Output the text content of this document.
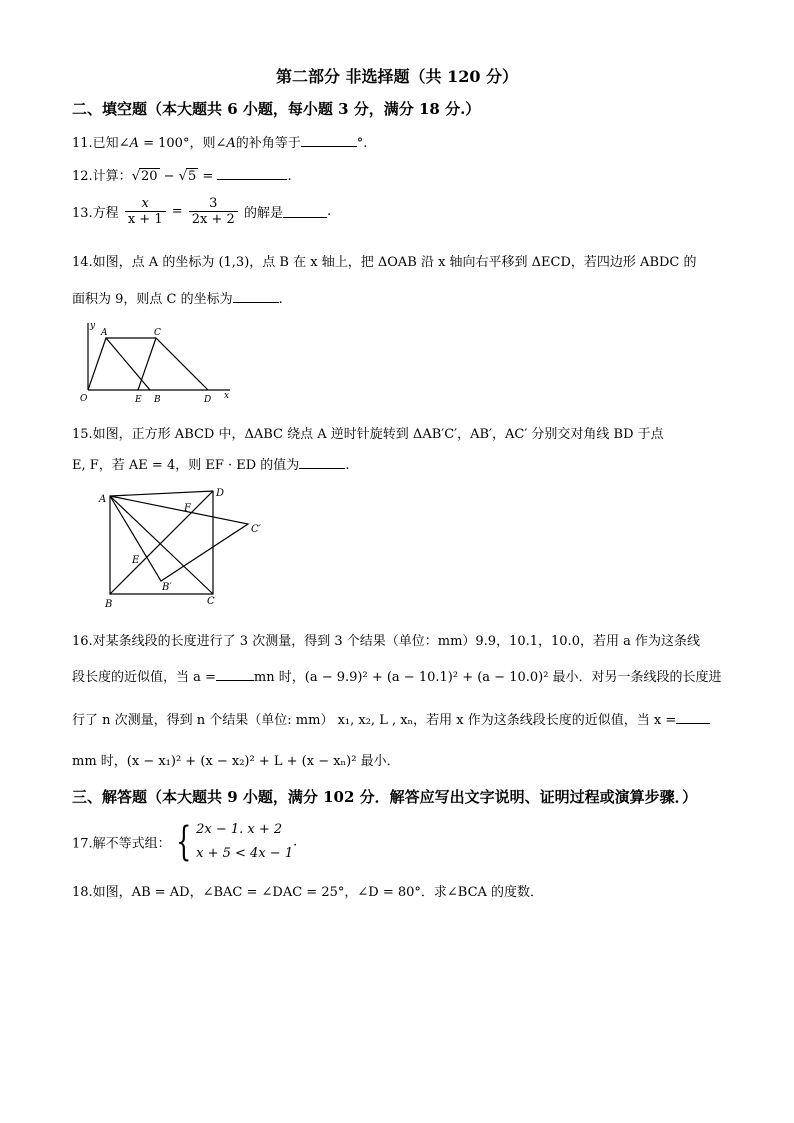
第二部分 非选择题（共 120 分）
二、填空题（本大题共 6 小题，每小题 3 分，满分 18 分.）
11.已知∠A = 100°，则∠A的补角等于	°.
12.计算：√20 − √5 =	.
13.方程 $\frac{x}{x + 1} = \frac{3}{2x + 2}$ 的解是	.
14.如图，点 A 的坐标为 (1,3)，点 B 在 x 轴上，把 ΔOAB 沿 x 轴向右平移到 ΔECD，若四边形 ABDC 的
面积为 9，则点 C 的坐标为	.
y
x
O
A	C
E B	D
15.如图，正方形 ABCD 中，ΔABC 绕点 A 逆时针旋转到 ΔAB′C′，AB′，AC′ 分别交对角线 BD 于点
E, F，若 AE = 4，则 EF · ED 的值为	.
A
D
F
C′
E
B′
B	C
16.对某条线段的长度进行了 3 次测量，得到 3 个结果（单位：mm）9.9，10.1，10.0，若用 a 作为这条线
段长度的近似值，当 a =	mn 时，(a − 9.9)² + (a − 10.1)² + (a − 10.0)² 最小．对另一条线段的长度进
行了 n 次测量，得到 n 个结果（单位: mm） x₁, x₂, L , xₙ，若用 x 作为这条线段长度的近似值，当 x =
mm 时，(x − x₁)² + (x − x₂)² + L + (x − xₙ)² 最小．
三、解答题（本大题共 9 小题，满分 102 分．解答应写出文字说明、证明过程或演算步骤．）
17.解不等式组： { 2x − 1. x + 2
x + 5 < 4x − 1
.
18.如图，AB = AD，∠BAC = ∠DAC = 25°，∠D = 80°．求∠BCA 的度数．
